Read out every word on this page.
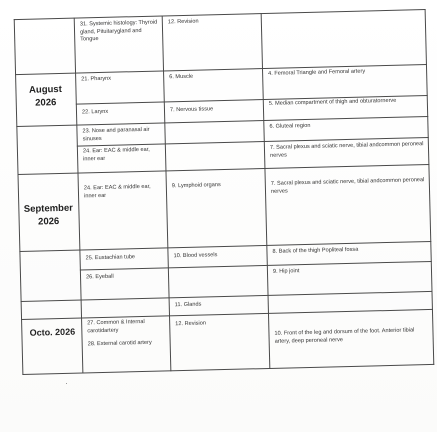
August
2026
September
2026
Octo. 2026
31. Systemic histology: Thyroid gland, Pituitarygland and Tongue
21. Pharynx
22. Larynx
23. Nose and paranasal air sinuses
24. Ear: EAC & middle ear, inner ear
24. Ear: EAC & middle ear, inner ear
25. Eustachian tube
26. Eyeball
27. Common & Internal carotidartery
28. External carotid artery
12. Revision
6. Muscle
7. Nervous tissue
9. Lymphoid organs
10. Blood vessels
11. Glands
12. Revision
4. Femoral Triangle and Femoral artery
5. Median compartment of thigh and obturatornerve
6. Gluteal region
7. Sacral plexus and sciatic nerve, tibial andcommon peroneal nerves
7. Sacral plexus and sciatic nerve, tibial andcommon peroneal nerves
8. Back of the thigh Popliteal fossa
9. Hip joint
10. Front of the leg and dorsum of the foot. Anterior tibial artery, deep peroneal nerve
